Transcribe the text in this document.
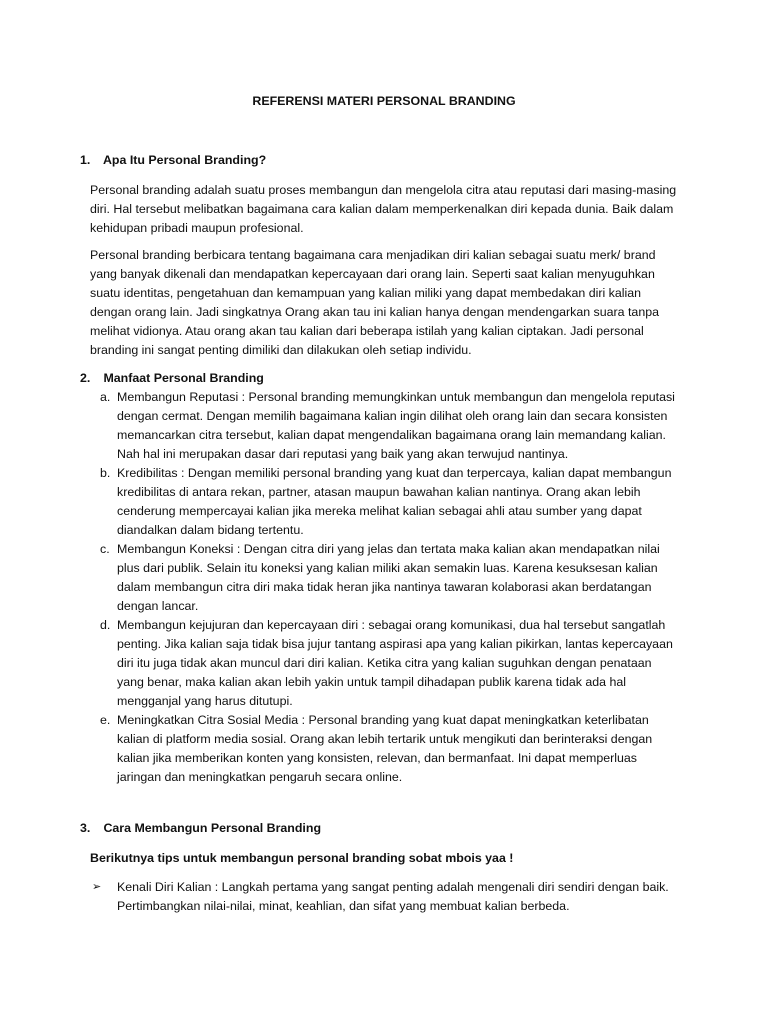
REFERENSI MATERI PERSONAL BRANDING
1. Apa Itu Personal Branding?

Personal branding adalah suatu proses membangun dan mengelola citra atau reputasi dari masing-masing diri. Hal tersebut melibatkan bagaimana cara kalian dalam memperkenalkan diri kepada dunia. Baik dalam kehidupan pribadi maupun profesional.

Personal branding berbicara tentang bagaimana cara menjadikan diri kalian sebagai suatu merk/ brand yang banyak dikenali dan mendapatkan kepercayaan dari orang lain. Seperti saat kalian menyuguhkan suatu identitas, pengetahuan dan kemampuan yang kalian miliki yang dapat membedakan diri kalian dengan orang lain. Jadi singkatnya Orang akan tau ini kalian hanya dengan mendengarkan suara tanpa melihat vidionya. Atau orang akan tau kalian dari beberapa istilah yang kalian ciptakan. Jadi personal branding ini sangat penting dimiliki dan dilakukan oleh setiap individu.

2. Manfaat Personal Branding
a. Membangun Reputasi : Personal branding memungkinkan untuk membangun dan mengelola reputasi dengan cermat. Dengan memilih bagaimana kalian ingin dilihat oleh orang lain dan secara konsisten memancarkan citra tersebut, kalian dapat mengendalikan bagaimana orang lain memandang kalian. Nah hal ini merupakan dasar dari reputasi yang baik yang akan terwujud nantinya.
b. Kredibilitas : Dengan memiliki personal branding yang kuat dan terpercaya, kalian dapat membangun kredibilitas di antara rekan, partner, atasan maupun bawahan kalian nantinya. Orang akan lebih cenderung mempercayai kalian jika mereka melihat kalian sebagai ahli atau sumber yang dapat diandalkan dalam bidang tertentu.
c. Membangun Koneksi : Dengan citra diri yang jelas dan tertata maka kalian akan mendapatkan nilai plus dari publik. Selain itu koneksi yang kalian miliki akan semakin luas. Karena kesuksesan kalian dalam membangun citra diri maka tidak heran jika nantinya tawaran kolaborasi akan berdatangan dengan lancar.
d. Membangun kejujuran dan kepercayaan diri : sebagai orang komunikasi, dua hal tersebut sangatlah penting. Jika kalian saja tidak bisa jujur tantang aspirasi apa yang kalian pikirkan, lantas kepercayaan diri itu juga tidak akan muncul dari diri kalian. Ketika citra yang kalian suguhkan dengan penataan yang benar, maka kalian akan lebih yakin untuk tampil dihadapan publik karena tidak ada hal mengganjal yang harus ditutupi.
e. Meningkatkan Citra Sosial Media : Personal branding yang kuat dapat meningkatkan keterlibatan kalian di platform media sosial. Orang akan lebih tertarik untuk mengikuti dan berinteraksi dengan kalian jika memberikan konten yang konsisten, relevan, dan bermanfaat. Ini dapat memperluas jaringan dan meningkatkan pengaruh secara online.
3. Cara Membangun Personal Branding

Berikutnya tips untuk membangun personal branding sobat mbois yaa !

➢ Kenali Diri Kalian : Langkah pertama yang sangat penting adalah mengenali diri sendiri dengan baik. Pertimbangkan nilai-nilai, minat, keahlian, dan sifat yang membuat kalian berbeda.
